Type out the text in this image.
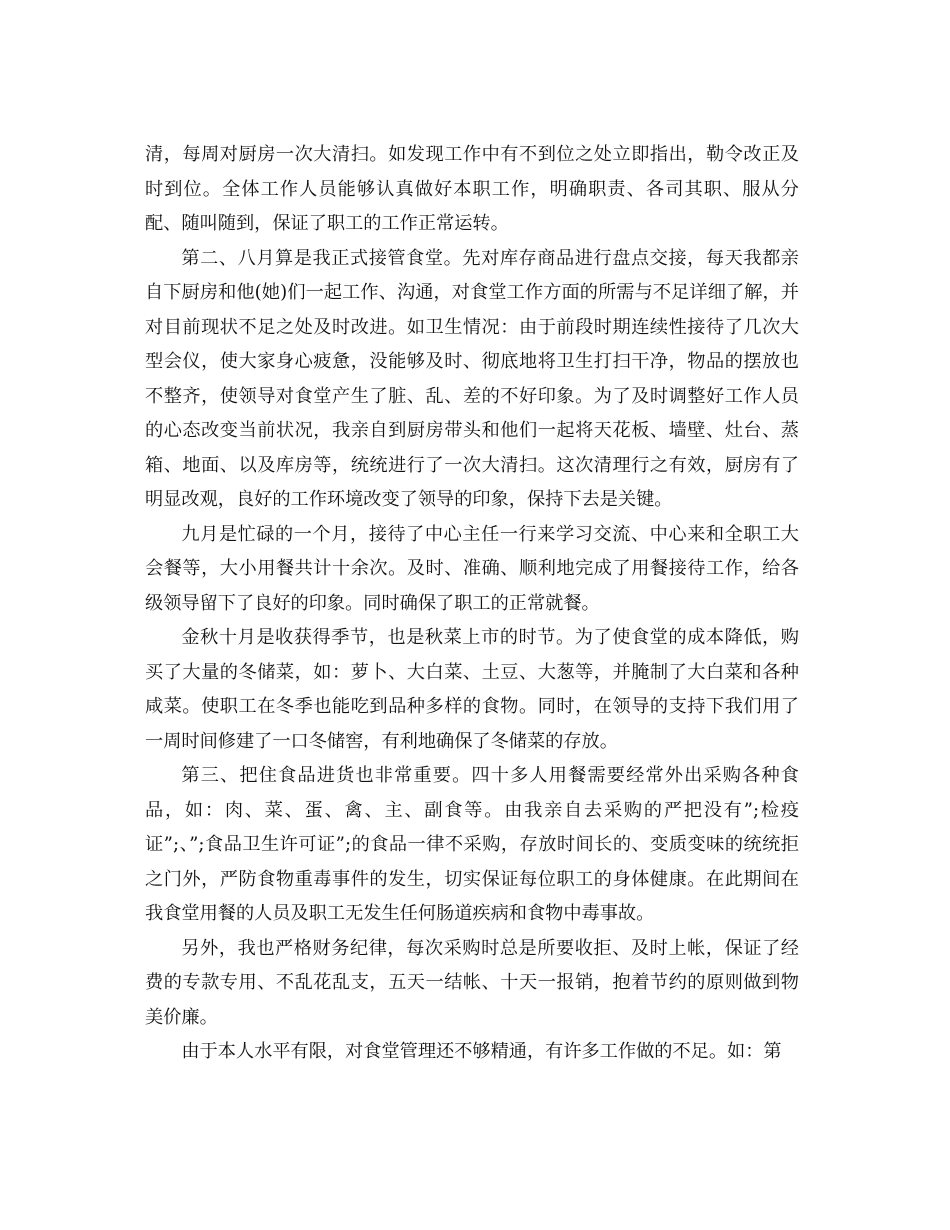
清，每周对厨房一次大清扫。如发现工作中有不到位之处立即指出，勒令改正及时到位。全体工作人员能够认真做好本职工作，明确职责、各司其职、服从分配、随叫随到，保证了职工的工作正常运转。

第二、八月算是我正式接管食堂。先对库存商品进行盘点交接，每天我都亲自下厨房和他(她)们一起工作、沟通，对食堂工作方面的所需与不足详细了解，并对目前现状不足之处及时改进。如卫生情况：由于前段时期连续性接待了几次大型会仪，使大家身心疲惫，没能够及时、彻底地将卫生打扫干净，物品的摆放也不整齐，使领导对食堂产生了脏、乱、差的不好印象。为了及时调整好工作人员的心态改变当前状况，我亲自到厨房带头和他们一起将天花板、墙壁、灶台、蒸箱、地面、以及库房等，统统进行了一次大清扫。这次清理行之有效，厨房有了明显改观，良好的工作环境改变了领导的印象，保持下去是关键。

九月是忙碌的一个月，接待了中心主任一行来学习交流、中心来和全职工大会餐等，大小用餐共计十余次。及时、准确、顺利地完成了用餐接待工作，给各级领导留下了良好的印象。同时确保了职工的正常就餐。

金秋十月是收获得季节，也是秋菜上市的时节。为了使食堂的成本降低，购买了大量的冬储菜，如：萝卜、大白菜、土豆、大葱等，并腌制了大白菜和各种咸菜。使职工在冬季也能吃到品种多样的食物。同时，在领导的支持下我们用了一周时间修建了一口冬储窖，有利地确保了冬储菜的存放。

第三、把住食品进货也非常重要。四十多人用餐需要经常外出采购各种食品，如：肉、菜、蛋、禽、主、副食等。由我亲自去采购的严把没有”;检疫证”;、”;食品卫生许可证”;的食品一律不采购，存放时间长的、变质变味的统统拒之门外，严防食物重毒事件的发生，切实保证每位职工的身体健康。在此期间在我食堂用餐的人员及职工无发生任何肠道疾病和食物中毒事故。

另外，我也严格财务纪律，每次采购时总是所要收拒、及时上帐，保证了经费的专款专用、不乱花乱支，五天一结帐、十天一报销，抱着节约的原则做到物美价廉。

由于本人水平有限，对食堂管理还不够精通，有许多工作做的不足。如：第
